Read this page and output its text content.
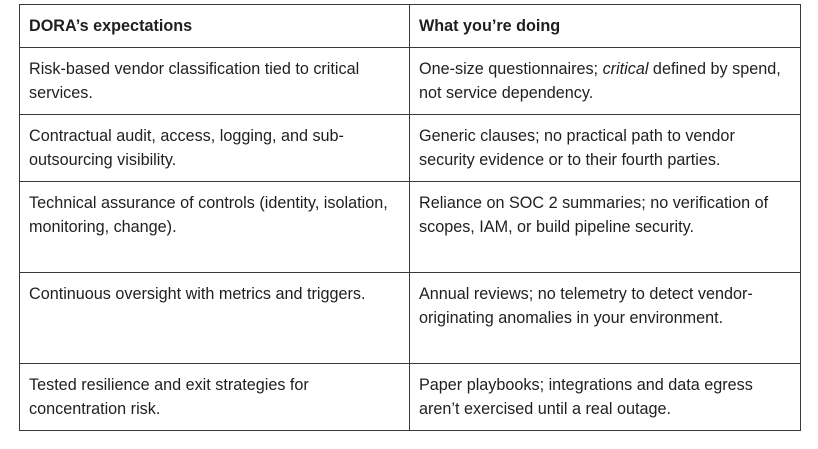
DORA’s expectations	What you’re doing
Risk-based vendor classification tied to critical services.	One-size questionnaires; critical defined by spend, not service dependency.
Contractual audit, access, logging, and sub-outsourcing visibility.	Generic clauses; no practical path to vendor security evidence or to their fourth parties.
Technical assurance of controls (identity, isolation, monitoring, change).	Reliance on SOC 2 summaries; no verification of scopes, IAM, or build pipeline security.
Continuous oversight with metrics and triggers.	Annual reviews; no telemetry to detect vendor-originating anomalies in your environment.
Tested resilience and exit strategies for concentration risk.	Paper playbooks; integrations and data egress aren’t exercised until a real outage.
